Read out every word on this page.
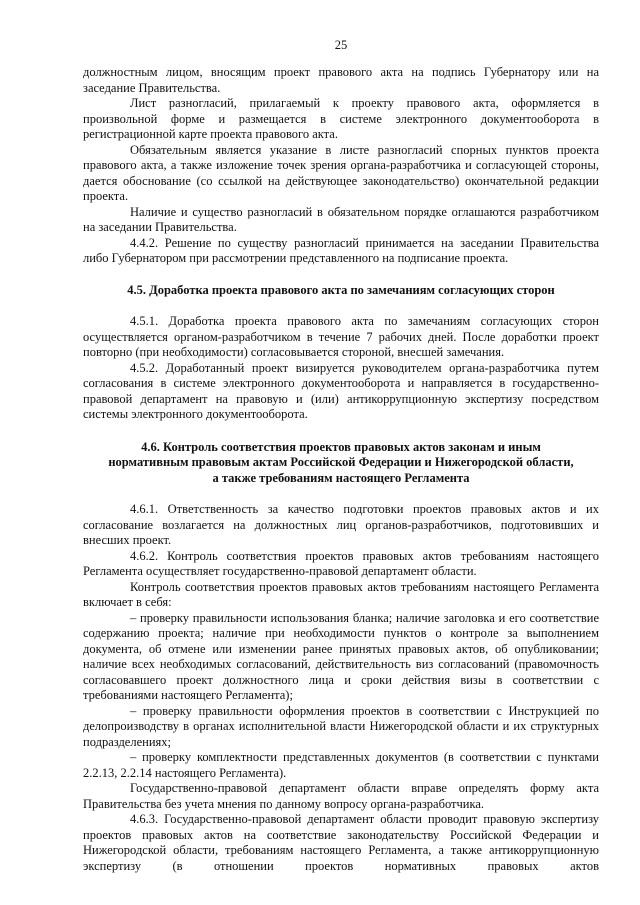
25

должностным лицом, вносящим проект правового акта на подпись Губернатору или на заседание Правительства.

Лист разногласий, прилагаемый к проекту правового акта, оформляется в произвольной форме и размещается в системе электронного документооборота в регистрационной карте проекта правового акта.

Обязательным является указание в листе разногласий спорных пунктов проекта правового акта, а также изложение точек зрения органа-разработчика и согласующей стороны, дается обоснование (со ссылкой на действующее законодательство) окончательной редакции проекта.

Наличие и существо разногласий в обязательном порядке оглашаются разработчиком на заседании Правительства.

4.4.2. Решение по существу разногласий принимается на заседании Правительства либо Губернатором при рассмотрении представленного на подписание проекта.

4.5. Доработка проекта правового акта по замечаниям согласующих сторон

4.5.1. Доработка проекта правового акта по замечаниям согласующих сторон осуществляется органом-разработчиком в течение 7 рабочих дней. После доработки проект повторно (при необходимости) согласовывается стороной, внесшей замечания.

4.5.2. Доработанный проект визируется руководителем органа-разработчика путем согласования в системе электронного документооборота и направляется в государственно-правовой департамент на правовую и (или) антикоррупционную экспертизу посредством системы электронного документооборота.

4.6. Контроль соответствия проектов правовых актов законам и иным
нормативным правовым актам Российской Федерации и Нижегородской области,
а также требованиям настоящего Регламента

4.6.1. Ответственность за качество подготовки проектов правовых актов и их согласование возлагается на должностных лиц органов-разработчиков, подготовивших и внесших проект.

4.6.2. Контроль соответствия проектов правовых актов требованиям настоящего Регламента осуществляет государственно-правовой департамент области.

Контроль соответствия проектов правовых актов требованиям настоящего Регламента включает в себя:

– проверку правильности использования бланка; наличие заголовка и его соответствие содержанию проекта; наличие при необходимости пунктов о контроле за выполнением документа, об отмене или изменении ранее принятых правовых актов, об опубликовании; наличие всех необходимых согласований, действительность виз согласований (правомочность согласовавшего проект должностного лица и сроки действия визы в соответствии с требованиями настоящего Регламента);

– проверку правильности оформления проектов в соответствии с Инструкцией по делопроизводству в органах исполнительной власти Нижегородской области и их структурных подразделениях;

– проверку комплектности представленных документов (в соответствии с пунктами 2.2.13, 2.2.14 настоящего Регламента).

Государственно-правовой департамент области вправе определять форму акта Правительства без учета мнения по данному вопросу органа-разработчика.

4.6.3. Государственно-правовой департамент области проводит правовую экспертизу проектов правовых актов на соответствие законодательству Российской Федерации и Нижегородской области, требованиям настоящего Регламента, а также антикоррупционную экспертизу (в отношении проектов нормативных правовых актов
